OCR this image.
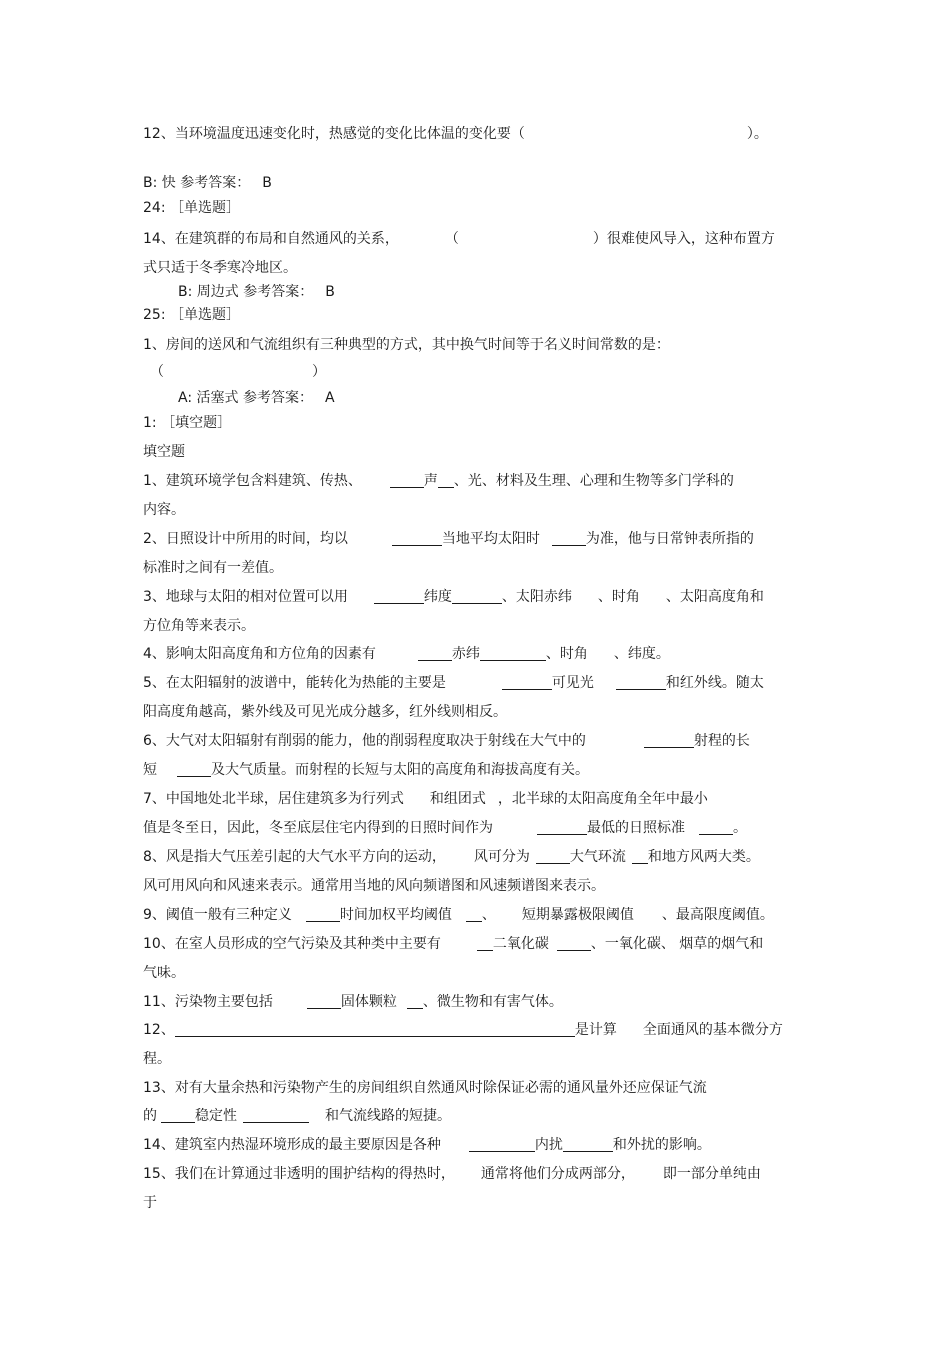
12、当环境温度迅速变化时，热感觉的变化比体温的变化要（	）。
B: 快 参考答案： B
24: ［单选题］
14、在建筑群的布局和自然通风的关系，	（	）很难使风导入，这种布置方
式只适于冬季寒冷地区。
B: 周边式 参考答案： B
25: ［单选题］
1、房间的送风和气流组织有三种典型的方式，其中换气时间等于名义时间常数的是：
（	）
A: 活塞式 参考答案： A
1: ［填空题］
填空题
1、建筑环境学包含料建筑、传热、	声 、光、材料及生理、心理和生物等多门学科的
内容。
2、日照设计中所用的时间，均以	当地平均太阳时	为准，他与日常钟表所指的
标准时之间有一差值。
3、地球与太阳的相对位置可以用	纬度	、太阳赤纬 、时角 、太阳高度角和
方位角等来表示。
4、影响太阳高度角和方位角的因素有	赤纬	、时角 、纬度。
5、在太阳辐射的波谱中，能转化为热能的主要是	可见光	和红外线。随太
阳高度角越高，紫外线及可见光成分越多，红外线则相反。
6、大气对太阳辐射有削弱的能力，他的削弱程度取决于射线在大气中的	射程的长
短	及大气质量。而射程的长短与太阳的高度角和海拔高度有关。
7、中国地处北半球，居住建筑多为行列式 和组团式 ，北半球的太阳高度角全年中最小
值是冬至日，因此，冬至底层住宅内得到的日照时间作为	最低的日照标准	。
8、风是指大气压差引起的大气水平方向的运动， 风可分为	大气环流 和地方风两大类。
风可用风向和风速来表示。通常用当地的风向频谱图和风速频谱图来表示。
9、阈值一般有三种定义	时间加权平均阈值 、 短期暴露极限阈值 、最高限度阈值。
10、在室人员形成的空气污染及其种类中主要有	二氧化碳	、一氧化碳、 烟草的烟气和
气味。
11、污染物主要包括	固体颗粒 、微生物和有害气体。
12、	是计算 全面通风的基本微分方
程。
13、对有大量余热和污染物产生的房间组织自然通风时除保证必需的通风量外还应保证气流
的	稳定性	和气流线路的短捷。
14、建筑室内热湿环境形成的最主要原因是各种	内扰	和外扰的影响。
15、我们在计算通过非透明的围护结构的得热时， 通常将他们分成两部分， 即一部分单纯由
于
